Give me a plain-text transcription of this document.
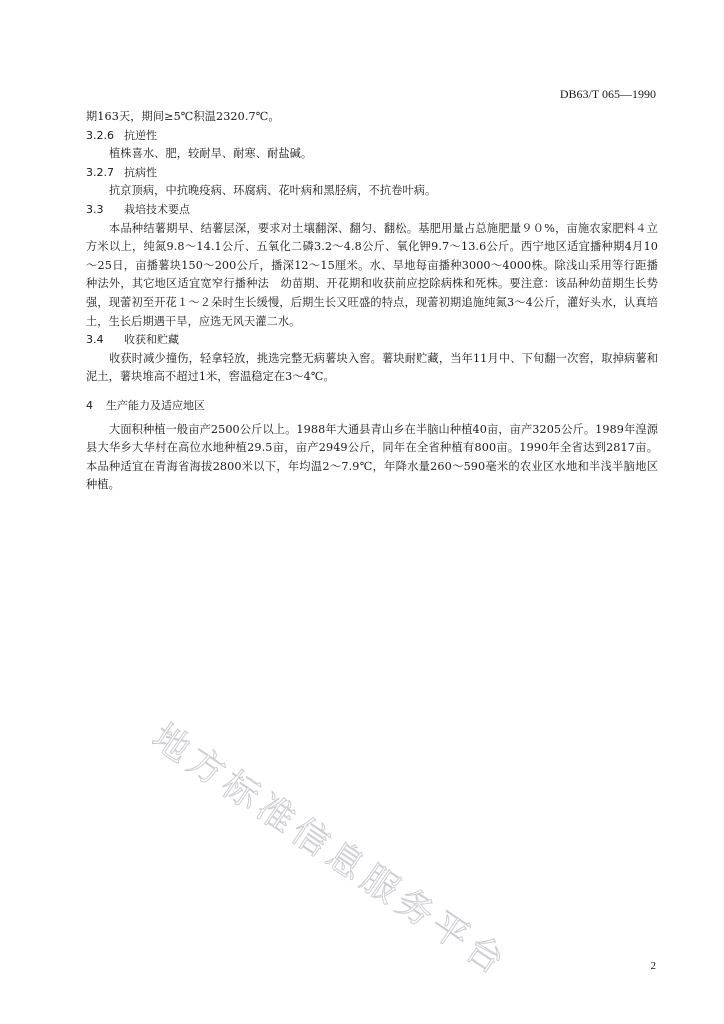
DB63/T 065—1990

期163天，期间≥5℃积温2320.7℃。

3.2.6 抗逆性

植株喜水、肥，较耐旱、耐寒、耐盐碱。

3.2.7 抗病性

抗京顶病，中抗晚疫病、环腐病、花叶病和黑胫病，不抗卷叶病。

3.3 栽培技术要点

本品种结薯期早、结薯层深，要求对土壤翻深、翻匀、翻松。基肥用量占总施肥量９０%，亩施农家肥料４立方米以上，纯氮9.8～14.1公斤、五氧化二磷3.2～4.8公斤、氧化钾9.7～13.6公斤。西宁地区适宜播种期4月10～25日，亩播薯块150～200公斤，播深12～15厘米。水、旱地每亩播种3000～4000株。除浅山采用等行距播种法外，其它地区适宜宽窄行播种法　幼苗期、开花期和收获前应挖除病株和死株。要注意：该品种幼苗期生长势强，现蕾初至开花１～２朵时生长缓慢，后期生长又旺盛的特点，现蕾初期追施纯氮3～4公斤，灌好头水，认真培土，生长后期遇干旱，应选无风天灌二水。

3.4 收获和贮藏

收获时减少撞伤，轻拿轻放，挑选完整无病薯块入窖。薯块耐贮藏，当年11月中、下旬翻一次窖，取掉病薯和泥土，薯块堆高不超过1米，窖温稳定在3～4℃。

4 生产能力及适应地区

大面积种植一般亩产2500公斤以上。1988年大通县青山乡在半脑山种植40亩，亩产3205公斤。1989年湟源县大华乡大华村在高位水地种植29.5亩，亩产2949公斤，同年在全省种植有800亩。1990年全省达到2817亩。本品种适宜在青海省海拔2800米以下，年均温2～7.9℃，年降水量260～590毫米的农业区水地和半浅半脑地区种植。

地方标准信息服务平台	2
